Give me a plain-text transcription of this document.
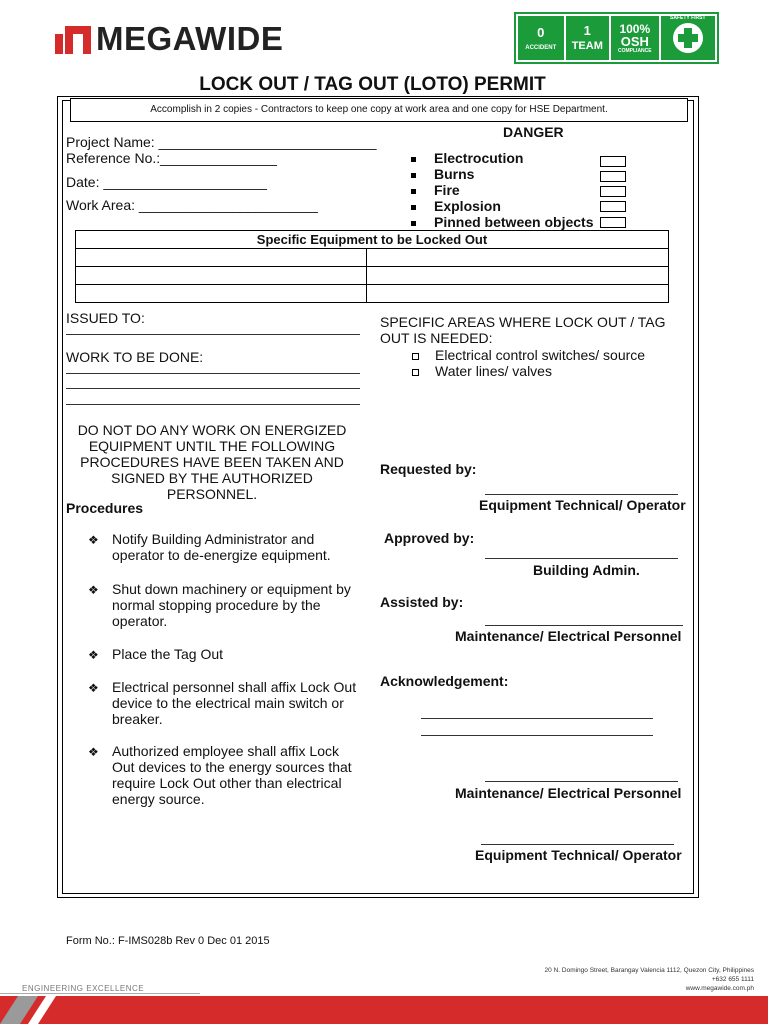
MEGAWIDE	0
ACCIDENT
1
TEAM
100%
OSH
COMPLIANCE
SAFETY FIRST
LOCK OUT / TAG OUT (LOTO) PERMIT
Accomplish in 2 copies - Contractors to keep one copy at work area and one copy for HSE Department.
Project Name: ____________________________
Reference No.:_______________
Date: _____________________
Work Area: _______________________
DANGER
Electrocution
Burns
Fire
Explosion
Pinned between objects
Specific Equipment to be Locked Out	

ISSUED TO:
WORK TO BE DONE:
SPECIFIC AREAS WHERE LOCK OUT / TAG OUT IS NEEDED:
Electrical control switches/ source
Water lines/ valves
DO NOT DO ANY WORK ON ENERGIZED EQUIPMENT UNTIL THE FOLLOWING PROCEDURES HAVE BEEN TAKEN AND SIGNED BY THE AUTHORIZED PERSONNEL.
Procedures
❖ Notify Building Administrator and operator to de-energize equipment.
❖ Shut down machinery or equipment by normal stopping procedure by the operator.
❖ Place the Tag Out
❖ Electrical personnel shall affix Lock Out device to the electrical main switch or breaker.
❖ Authorized employee shall affix Lock Out devices to the energy sources that require Lock Out other than electrical energy source.
Requested by:
Equipment Technical/ Operator
Approved by:
Building Admin.
Assisted by:
Maintenance/ Electrical Personnel
Acknowledgement:
Maintenance/ Electrical Personnel
Equipment Technical/ Operator
Form No.: F-IMS028b Rev 0 Dec 01 2015
ENGINEERING EXCELLENCE
20 N. Domingo Street, Barangay Valencia 1112, Quezon City, Philippines
+632 655 1111
www.megawide.com.ph
